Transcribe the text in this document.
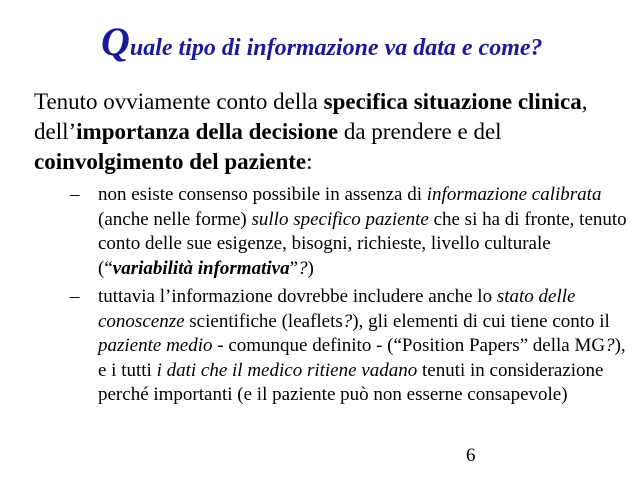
Quale tipo di informazione va data e come?
Tenuto ovviamente conto della specifica situazione clinica, dell’importanza della decisione da prendere e del coinvolgimento del paziente:
– non esiste consenso possibile in assenza di informazione calibrata (anche nelle forme) sullo specifico paziente che si ha di fronte, tenuto conto delle sue esigenze, bisogni, richieste, livello culturale (“variabilità informativa”?)
– tuttavia l’informazione dovrebbe includere anche lo stato delle conoscenze scientifiche (leaflets?), gli elementi di cui tiene conto il paziente medio - comunque definito - (“Position Papers” della MG?), e i tutti i dati che il medico ritiene vadano tenuti in considerazione perché importanti (e il paziente può non esserne consapevole)
6
